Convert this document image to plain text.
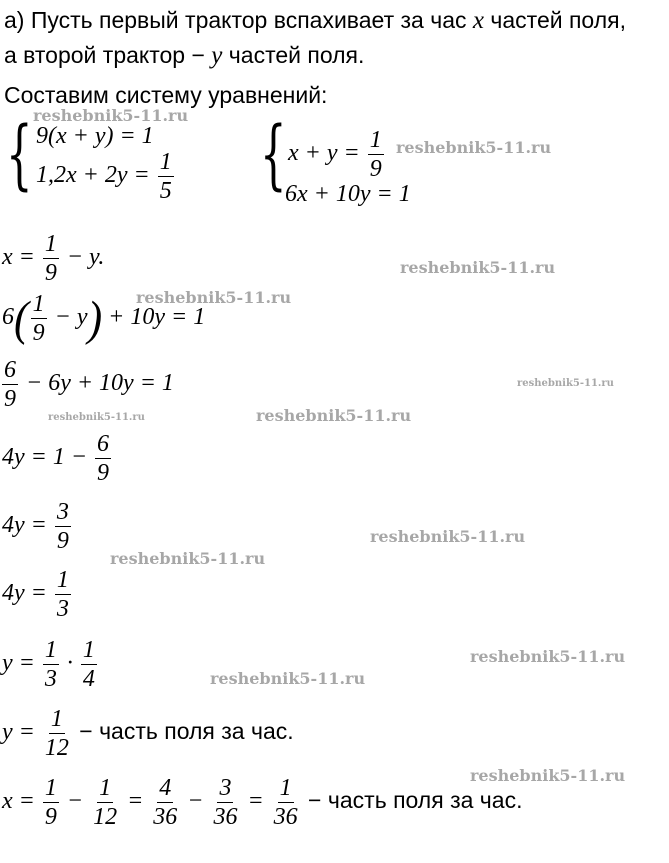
а) Пусть первый трактор вспахивает за час x частей поля,
а второй трактор − y частей поля.
Составим систему уравнений:
{ 9(x + y) = 1
$1,2x + 2y = \frac{1}{5}$ { $x + y = \frac{1}{9}$
6x + 10y = 1
$x = \frac{1}{9} - y$.
$6( \frac{1}{9} - y) + 10y = 1$
$\frac{6}{9} - 6y + 10y = 1$
$4y = 1 - \frac{6}{9}$
$4y = \frac{3}{9}$
$4y = \frac{1}{3}$
$y = \frac{1}{3} \cdot \frac{1}{4}$
$y = \frac{1}{12}$ − часть поля за час.
$x = \frac{1}{9} - \frac{1}{12} = \frac{4}{36} - \frac{3}{36} = \frac{1}{36}$ − часть поля за час.
reshebnik5-11.ru
reshebnik5-11.ru
reshebnik5-11.ru
reshebnik5-11.ru
reshebnik5-11.ru
reshebnik5-11.ru	reshebnik5-11.ru
reshebnik5-11.ru
reshebnik5-11.ru
reshebnik5-11.ru
reshebnik5-11.ru
reshebnik5-11.ru
